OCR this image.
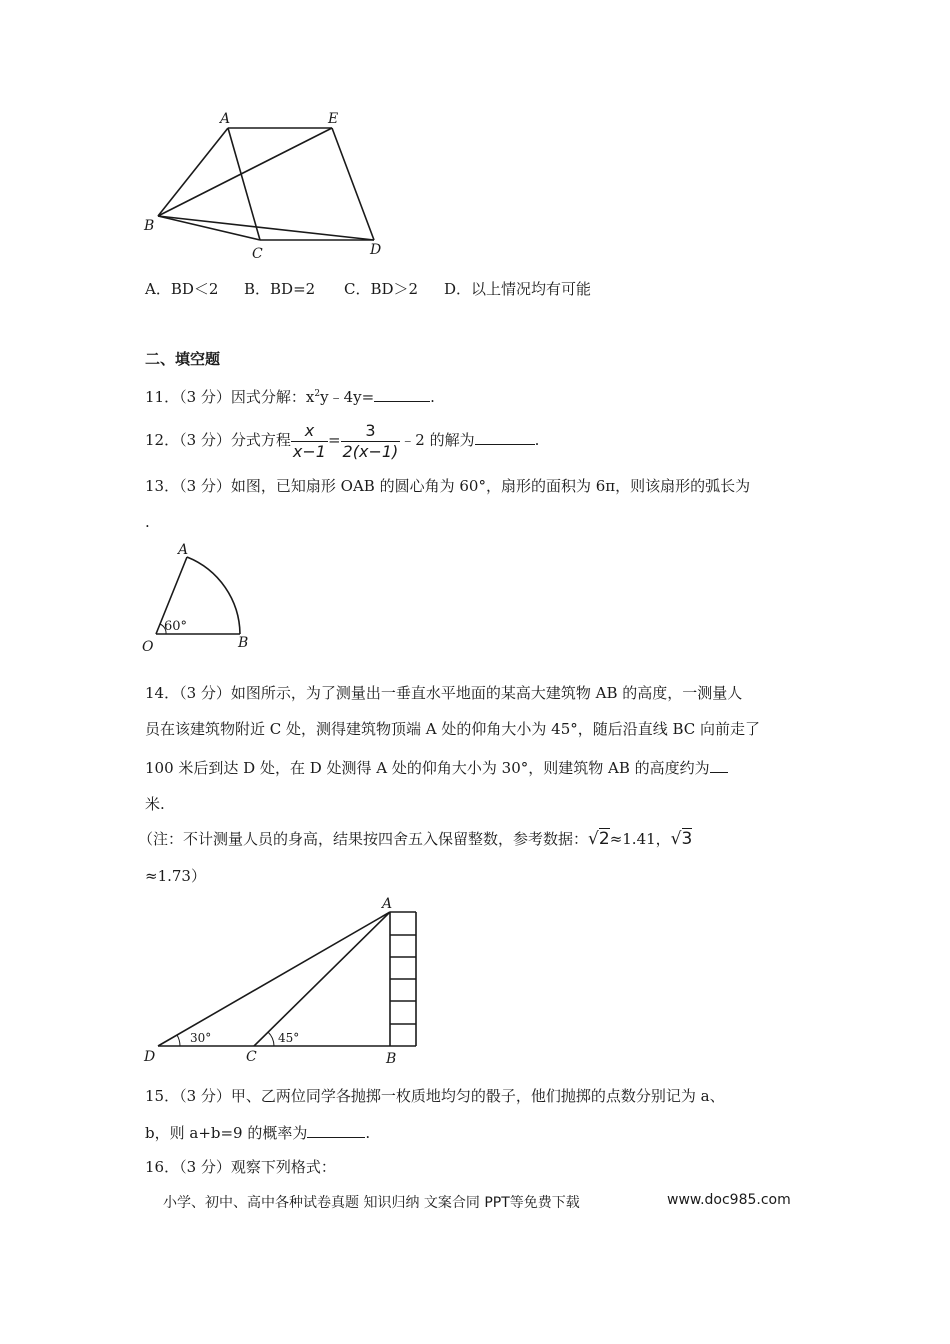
A	E
B
C	D
A．BD＜2 B．BD=2 C．BD＞2 D．以上情况均有可能
二、填空题
11．（3 分）因式分解：$x^2y﹣4y=$	.
12．（3 分）分式方程 $\frac{x}{x-1} = \frac{3}{2(x-1)}$ ﹣2 的解为	.
13．（3 分）如图，已知扇形 OAB 的圆心角为 60°，扇形的面积为 6π，则该扇形的弧长为
.
A
O	B
60°
14．（3 分）如图所示，为了测量出一垂直水平地面的某高大建筑物 AB 的高度，一测量人
员在该建筑物附近 C 处，测得建筑物顶端 A 处的仰角大小为 45°，随后沿直线 BC 向前走了
100 米后到达 D 处，在 D 处测得 A 处的仰角大小为 30°，则建筑物 AB 的高度约为
米.
（注：不计测量人员的身高，结果按四舍五入保留整数，参考数据：√2≈1.41，√3
≈1.73）
A
D	C	B
30°	45°
15．（3 分）甲、乙两位同学各抛掷一枚质地均匀的骰子，他们抛掷的点数分别记为 a、
b，则 a+b=9 的概率为	.
16．（3 分）观察下列格式：
小学、初中、高中各种试卷真题 知识归纳 文案合同 PPT等免费下载	www.doc985.com
